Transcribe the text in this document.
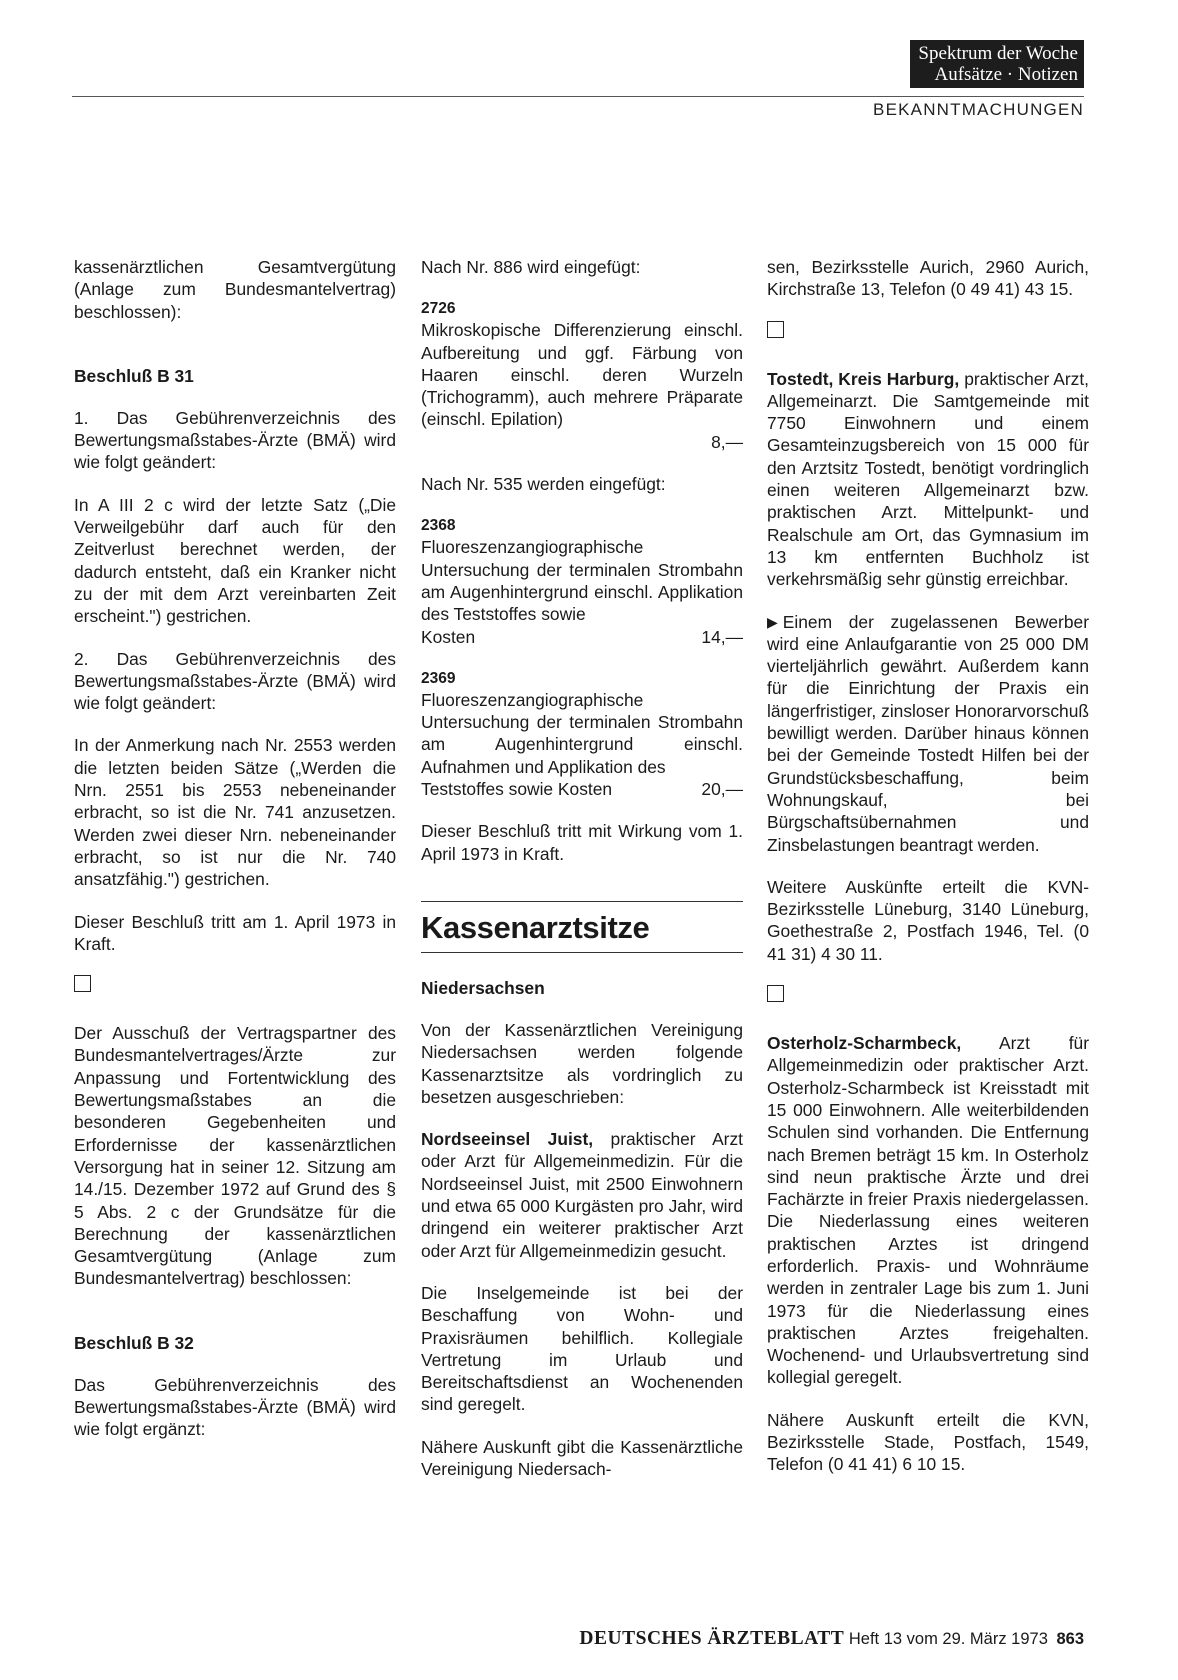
Spektrum der Woche
Aufsätze · Notizen
BEKANNTMACHUNGEN

kassenärztlichen Gesamtvergütung (Anlage zum Bundesmantelvertrag) beschlossen):

Beschluß B 31

1. Das Gebührenverzeichnis des Bewertungsmaßstabes-Ärzte (BMÄ) wird wie folgt geändert:

In A III 2 c wird der letzte Satz („Die Verweilgebühr darf auch für den Zeitverlust berechnet werden, der dadurch entsteht, daß ein Kranker nicht zu der mit dem Arzt vereinbarten Zeit erscheint.") gestrichen.

2. Das Gebührenverzeichnis des Bewertungsmaßstabes-Ärzte (BMÄ) wird wie folgt geändert:

In der Anmerkung nach Nr. 2553 werden die letzten beiden Sätze („Werden die Nrn. 2551 bis 2553 nebeneinander erbracht, so ist die Nr. 741 anzusetzen. Werden zwei dieser Nrn. nebeneinander erbracht, so ist nur die Nr. 740 ansatzfähig.") gestrichen.

Dieser Beschluß tritt am 1. April 1973 in Kraft.

Der Ausschuß der Vertragspartner des Bundesmantelvertrages/Ärzte zur Anpassung und Fortentwicklung des Bewertungsmaßstabes an die besonderen Gegebenheiten und Erfordernisse der kassenärztlichen Versorgung hat in seiner 12. Sitzung am 14./15. Dezember 1972 auf Grund des § 5 Abs. 2 c der Grundsätze für die Berechnung der kassenärztlichen Gesamtvergütung (Anlage zum Bundesmantelvertrag) beschlossen:

Beschluß B 32

Das Gebührenverzeichnis des Bewertungsmaßstabes-Ärzte (BMÄ) wird wie folgt ergänzt:

Nach Nr. 886 wird eingefügt:

2726

Mikroskopische Differenzierung einschl. Aufbereitung und ggf. Färbung von Haaren einschl. deren Wurzeln (Trichogramm), auch mehrere Präparate (einschl. Epilation)

8,—

Nach Nr. 535 werden eingefügt:

2368

Fluoreszenzangiographische Untersuchung der terminalen Strombahn am Augenhintergrund einschl. Applikation des Teststoffes sowie

Kosten	14,—
2369

Fluoreszenzangiographische Untersuchung der terminalen Strombahn am Augenhintergrund einschl. Aufnahmen und Applikation des

Teststoffes sowie Kosten	20,—

Dieser Beschluß tritt mit Wirkung vom 1. April 1973 in Kraft.

Kassenarztsitze
Niedersachsen

Von der Kassenärztlichen Vereinigung Niedersachsen werden folgende Kassenarztsitze als vordringlich zu besetzen ausgeschrieben:

Nordseeinsel Juist, praktischer Arzt oder Arzt für Allgemeinmedizin. Für die Nordseeinsel Juist, mit 2500 Einwohnern und etwa 65 000 Kurgästen pro Jahr, wird dringend ein weiterer praktischer Arzt oder Arzt für Allgemeinmedizin gesucht.

Die Inselgemeinde ist bei der Beschaffung von Wohn- und Praxisräumen behilflich. Kollegiale Vertretung im Urlaub und Bereitschaftsdienst an Wochenenden sind geregelt.

Nähere Auskunft gibt die Kassenärztliche Vereinigung Niedersach-

sen, Bezirksstelle Aurich, 2960 Aurich, Kirchstraße 13, Telefon (0 49 41) 43 15.

Tostedt, Kreis Harburg, praktischer Arzt, Allgemeinarzt. Die Samtgemeinde mit 7750 Einwohnern und einem Gesamteinzugsbereich von 15 000 für den Arztsitz Tostedt, benötigt vordringlich einen weiteren Allgemeinarzt bzw. praktischen Arzt. Mittelpunkt- und Realschule am Ort, das Gymnasium im 13 km entfernten Buchholz ist verkehrsmäßig sehr günstig erreichbar.

▶ Einem der zugelassenen Bewerber wird eine Anlaufgarantie von 25 000 DM vierteljährlich gewährt. Außerdem kann für die Einrichtung der Praxis ein längerfristiger, zinsloser Honorarvorschuß bewilligt werden. Darüber hinaus können bei der Gemeinde Tostedt Hilfen bei der Grundstücksbeschaffung, beim Wohnungskauf, bei Bürgschaftsübernahmen und Zinsbelastungen beantragt werden.

Weitere Auskünfte erteilt die KVN-Bezirksstelle Lüneburg, 3140 Lüneburg, Goethestraße 2, Postfach 1946, Tel. (0 41 31) 4 30 11.

Osterholz-Scharmbeck, Arzt für Allgemeinmedizin oder praktischer Arzt. Osterholz-Scharmbeck ist Kreisstadt mit 15 000 Einwohnern. Alle weiterbildenden Schulen sind vorhanden. Die Entfernung nach Bremen beträgt 15 km. In Osterholz sind neun praktische Ärzte und drei Fachärzte in freier Praxis niedergelassen. Die Niederlassung eines weiteren praktischen Arztes ist dringend erforderlich. Praxis- und Wohnräume werden in zentraler Lage bis zum 1. Juni 1973 für die Niederlassung eines praktischen Arztes freigehalten. Wochenend- und Urlaubsvertretung sind kollegial geregelt.

Nähere Auskunft erteilt die KVN, Bezirksstelle Stade, Postfach, 1549, Telefon (0 41 41) 6 10 15.

DEUTSCHES ÄRZTEBLATT Heft 13 vom 29. März 1973 863
